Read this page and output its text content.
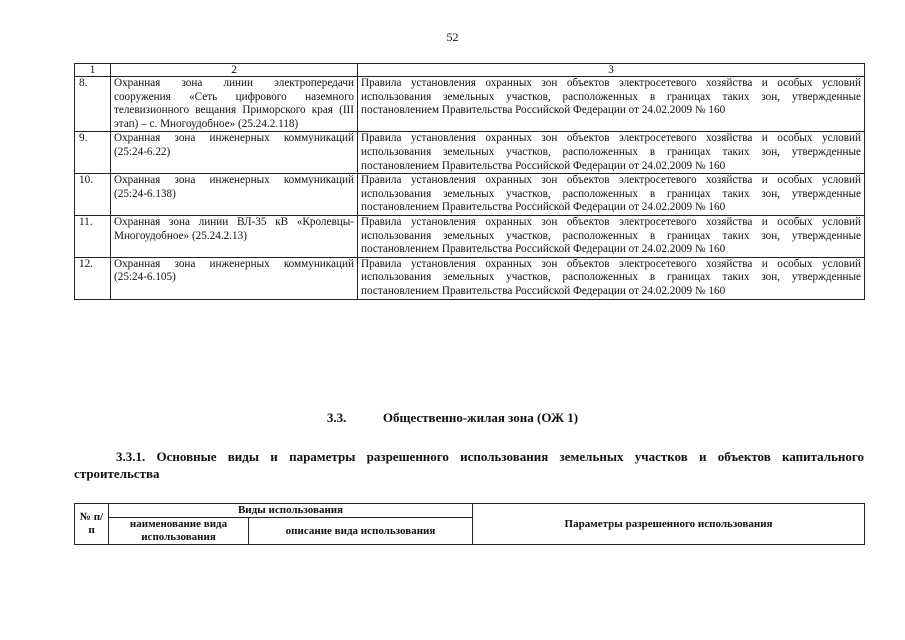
52
1	2	3
8.	Охранная зона линии электропередачи сооружения «Сеть цифрового наземного телевизионного вещания Приморского края (III этап) – с. Многоудобное» (25.24.2.118)	Правила установления охранных зон объектов электросетевого хозяйства и особых условий использования земельных участков, расположенных в границах таких зон, утвержденные постановлением Правительства Российской Федерации от 24.02.2009 № 160
9.	Охранная зона инженерных коммуникаций (25:24-6.22)	Правила установления охранных зон объектов электросетевого хозяйства и особых условий использования земельных участков, расположенных в границах таких зон, утвержденные постановлением Правительства Российской Федерации от 24.02.2009 № 160
10.	Охранная зона инженерных коммуникаций (25:24-6.138)	Правила установления охранных зон объектов электросетевого хозяйства и особых условий использования земельных участков, расположенных в границах таких зон, утвержденные постановлением Правительства Российской Федерации от 24.02.2009 № 160
11.	Охранная зона линии ВЛ-35 кВ «Кролевцы-Многоудобное» (25.24.2.13)	Правила установления охранных зон объектов электросетевого хозяйства и особых условий использования земельных участков, расположенных в границах таких зон, утвержденные постановлением Правительства Российской Федерации от 24.02.2009 № 160
12.	Охранная зона инженерных коммуникаций (25:24-6.105)	Правила установления охранных зон объектов электросетевого хозяйства и особых условий использования земельных участков, расположенных в границах таких зон, утвержденные постановлением Правительства Российской Федерации от 24.02.2009 № 160
3.3.	Общественно-жилая зона (ОЖ 1)
3.3.1. Основные виды и параметры разрешенного использования земельных участков и объектов капитального строительства
№ п/п	Виды использования		Параметры разрешенного использования
	наименование вида использования	описание вида использования	
